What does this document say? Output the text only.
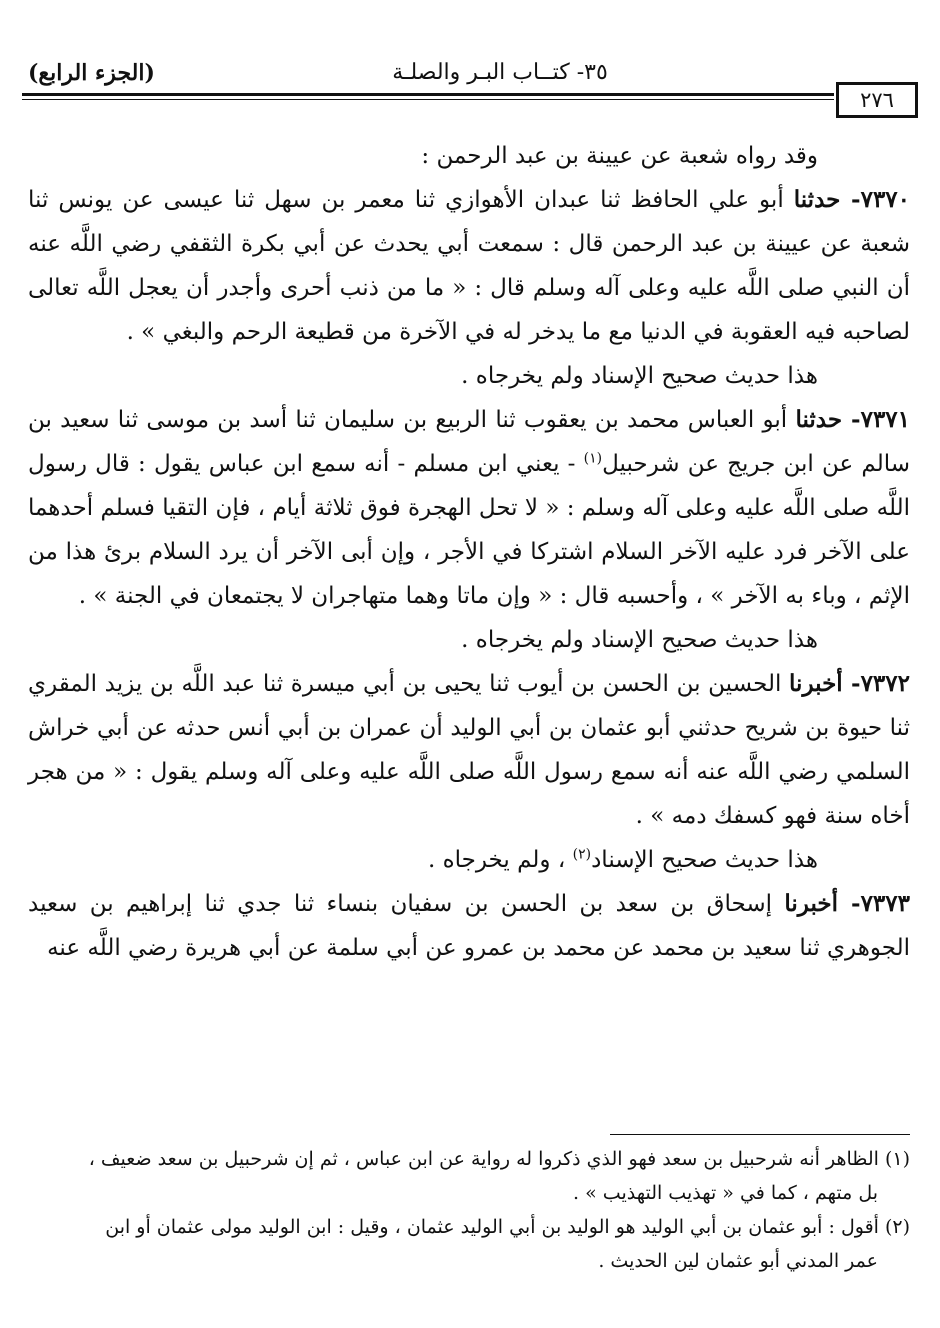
٢٧٦
٣٥- كتــاب البـر والصلـة
(الجزء الرابع)

وقد رواه شعبة عن عيينة بن عبد الرحمن :

٧٣٧٠- حدثنا أبو علي الحافظ ثنا عبدان الأهوازي ثنا معمر بن سهل ثنا عيسى عن يونس ثنا شعبة عن عيينة بن عبد الرحمن قال : سمعت أبي يحدث عن أبي بكرة الثقفي رضي اللَّه عنه أن النبي صلى اللَّه عليه وعلى آله وسلم قال : « ما من ذنب أحرى وأجدر أن يعجل اللَّه تعالى لصاحبه فيه العقوبة في الدنيا مع ما يدخر له في الآخرة من قطيعة الرحم والبغي » .

هذا حديث صحيح الإسناد ولم يخرجاه .

٧٣٧١- حدثنا أبو العباس محمد بن يعقوب ثنا الربيع بن سليمان ثنا أسد بن موسى ثنا سعيد بن سالم عن ابن جريج عن شرحبيل$^{(١)}$ - يعني ابن مسلم - أنه سمع ابن عباس يقول : قال رسول اللَّه صلى اللَّه عليه وعلى آله وسلم : « لا تحل الهجرة فوق ثلاثة أيام ، فإن التقيا فسلم أحدهما على الآخر فرد عليه الآخر السلام اشتركا في الأجر ، وإن أبى الآخر أن يرد السلام برئ هذا من الإثم ، وباء به الآخر » ، وأحسبه قال : « وإن ماتا وهما متهاجران لا يجتمعان في الجنة » .

هذا حديث صحيح الإسناد ولم يخرجاه .

٧٣٧٢- أخبرنا الحسين بن الحسن بن أيوب ثنا يحيى بن أبي ميسرة ثنا عبد اللَّه بن يزيد المقري ثنا حيوة بن شريح حدثني أبو عثمان بن أبي الوليد أن عمران بن أبي أنس حدثه عن أبي خراش السلمي رضي اللَّه عنه أنه سمع رسول اللَّه صلى اللَّه عليه وعلى آله وسلم يقول : « من هجر أخاه سنة فهو كسفك دمه » .

هذا حديث صحيح الإسناد$^{(٢)}$ ، ولم يخرجاه .

٧٣٧٣- أخبرنا إسحاق بن سعد بن الحسن بن سفيان بنساء ثنا جدي ثنا إبراهيم بن سعيد الجوهري ثنا سعيد بن محمد عن محمد بن عمرو عن أبي سلمة عن أبي هريرة رضي اللَّه عنه

(١)الظاهر أنه شرحبيل بن سعد فهو الذي ذكروا له رواية عن ابن عباس ، ثم إن شرحبيل بن سعد ضعيف ،

بل متهم ، كما في « تهذيب التهذيب » .

(٢)أقول : أبو عثمان بن أبي الوليد هو الوليد بن أبي الوليد عثمان ، وقيل : ابن الوليد مولى عثمان أو ابن

عمر المدني أبو عثمان لين الحديث .
